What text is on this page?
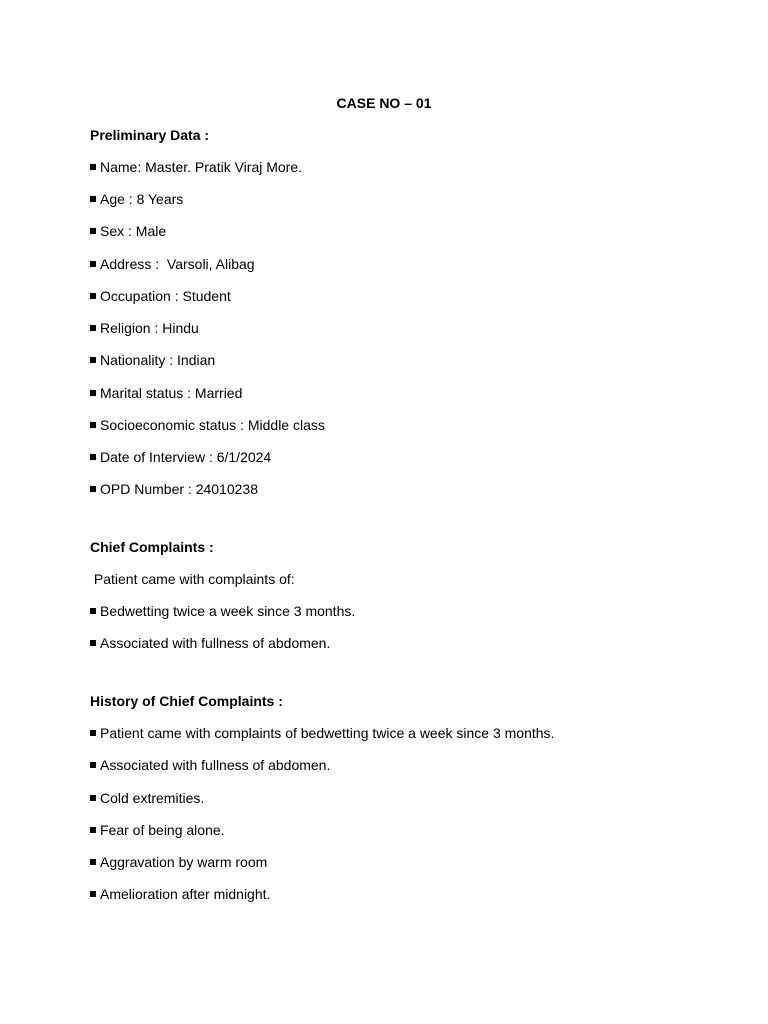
CASE NO – 01
Preliminary Data :
Name: Master. Pratik Viraj More.
Age : 8 Years
Sex : Male
Address :  Varsoli, Alibag
Occupation : Student
Religion : Hindu
Nationality : Indian
Marital status : Married
Socioeconomic status : Middle class
Date of Interview : 6/1/2024
OPD Number : 24010238
Chief Complaints :
Patient came with complaints of:
Bedwetting twice a week since 3 months.
Associated with fullness of abdomen.
History of Chief Complaints :
Patient came with complaints of bedwetting twice a week since 3 months.
Associated with fullness of abdomen.
Cold extremities.
Fear of being alone.
Aggravation by warm room
Amelioration after midnight.
